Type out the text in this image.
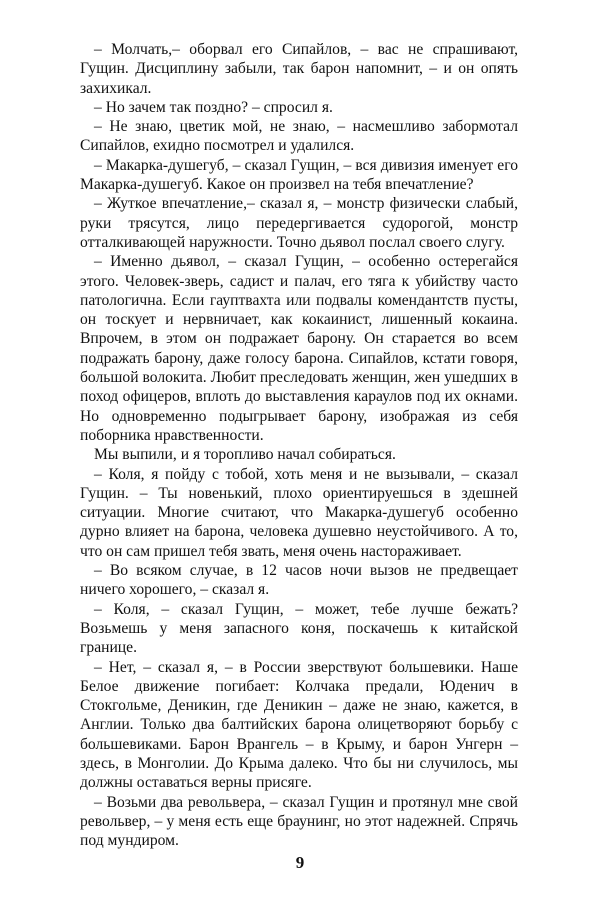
– Молчать,– оборвал его Сипайлов, – вас не спрашивают, Гущин. Дисциплину забыли, так барон напомнит, – и он опять захихикал.

– Но зачем так поздно? – спросил я.

– Не знаю, цветик мой, не знаю, – насмешливо забормотал Сипайлов, ехидно посмотрел и удалился.

– Макарка-душегуб, – сказал Гущин, – вся дивизия именует его Макарка-душегуб. Какое он произвел на тебя впечатление?

– Жуткое впечатление,– сказал я, – монстр физически слабый, руки трясутся, лицо передергивается судорогой, монстр отталкивающей наружности. Точно дьявол послал своего слугу.

– Именно дьявол, – сказал Гущин, – особенно остерегайся этого. Человек-зверь, садист и палач, его тяга к убийству часто патологична. Если гауптвахта или подвалы комендантств пусты, он тоскует и нервничает, как кокаинист, лишенный кокаина. Впрочем, в этом он подражает барону. Он старается во всем подражать барону, даже голосу барона. Сипайлов, кстати говоря, большой волокита. Любит преследовать женщин, жен ушедших в поход офицеров, вплоть до выставления караулов под их окнами. Но одновременно подыгрывает барону, изображая из себя поборника нравственности.

Мы выпили, и я торопливо начал собираться.

– Коля, я пойду с тобой, хоть меня и не вызывали, – сказал Гущин. – Ты новенький, плохо ориентируешься в здешней ситуации. Многие считают, что Макарка-душегуб особенно дурно влияет на барона, человека душевно неустойчивого. А то, что он сам пришел тебя звать, меня очень настораживает.

– Во всяком случае, в 12 часов ночи вызов не предвещает ничего хорошего, – сказал я.

– Коля, – сказал Гущин, – может, тебе лучше бежать? Возьмешь у меня запасного коня, поскачешь к китайской границе.

– Нет, – сказал я, – в России зверствуют большевики. Наше Белое движение погибает: Колчака предали, Юденич в Стокгольме, Деникин, где Деникин – даже не знаю, кажется, в Англии. Только два балтийских барона олицетворяют борьбу с большевиками. Барон Врангель – в Крыму, и барон Унгерн – здесь, в Монголии. До Крыма далеко. Что бы ни случилось, мы должны оставаться верны присяге.

– Возьми два револьвера, – сказал Гущин и протянул мне свой револьвер, – у меня есть еще браунинг, но этот надежней. Спрячь под мундиром.

9
